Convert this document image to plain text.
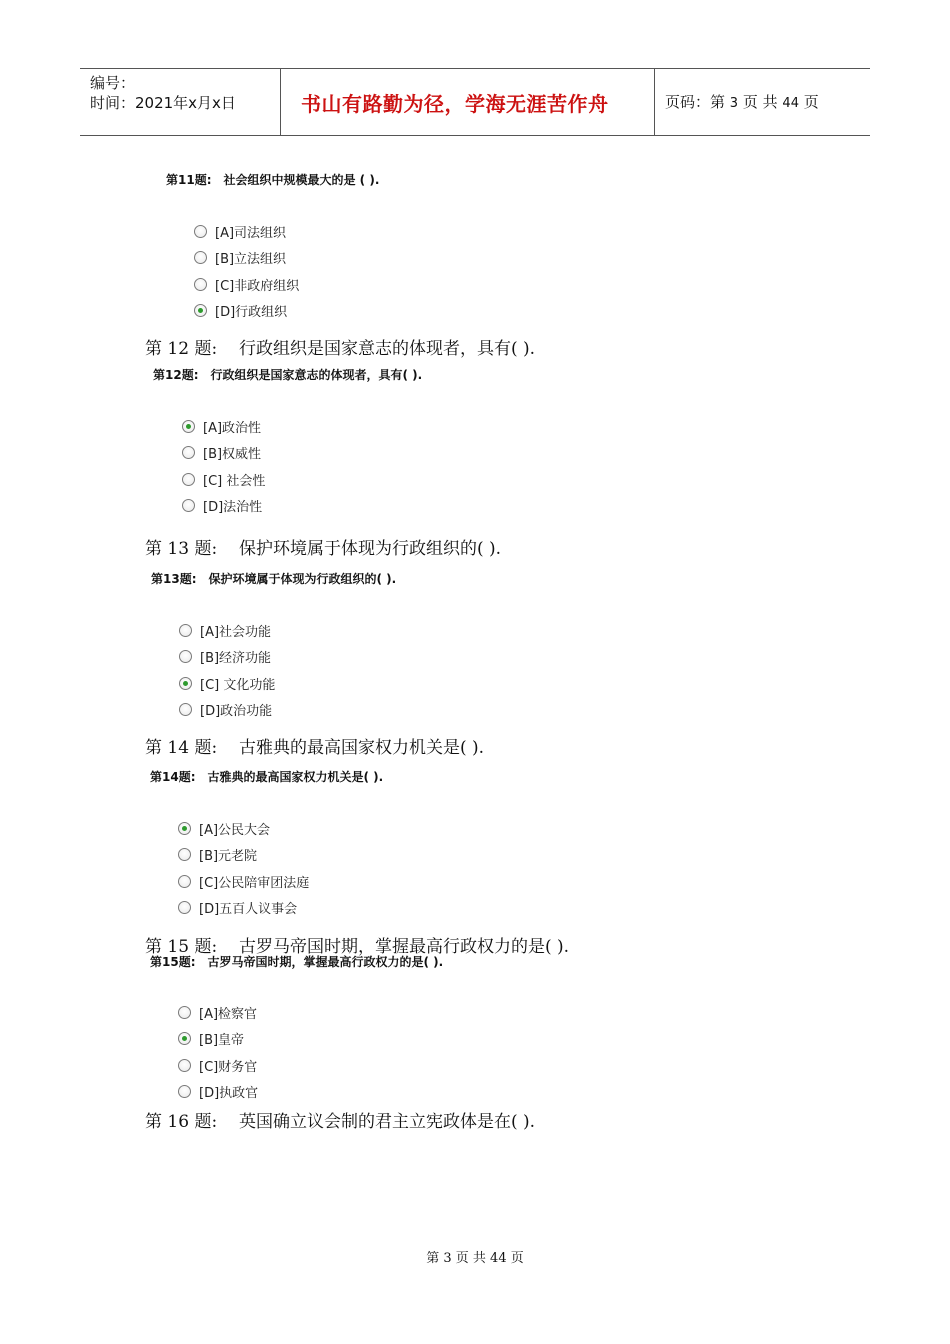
编号：
时间：2021年x月x日	书山有路勤为径，学海无涯苦作舟	页码：第 3 页 共 44 页
第11题: 社会组织中规模最大的是 ( ).
[A]司法组织
[B]立法组织
[C]非政府组织
[D]行政组织
第 12 题: 行政组织是国家意志的体现者，具有( ).
第12题: 行政组织是国家意志的体现者，具有( ).
[A]政治性
[B]权威性
[C] 社会性
[D]法治性
第 13 题: 保护环境属于体现为行政组织的( ).
第13题: 保护环境属于体现为行政组织的( ).
[A]社会功能
[B]经济功能
[C] 文化功能
[D]政治功能
第 14 题: 古雅典的最高国家权力机关是( ).
第14题: 古雅典的最高国家权力机关是( ).
[A]公民大会
[B]元老院
[C]公民陪审团法庭
[D]五百人议事会
第 15 题: 古罗马帝国时期，掌握最高行政权力的是( ).
第15题: 古罗马帝国时期，掌握最高行政权力的是( ).
[A]检察官
[B]皇帝
[C]财务官
[D]执政官
第 16 题: 英国确立议会制的君主立宪政体是在( ).
第 3 页 共 44 页
